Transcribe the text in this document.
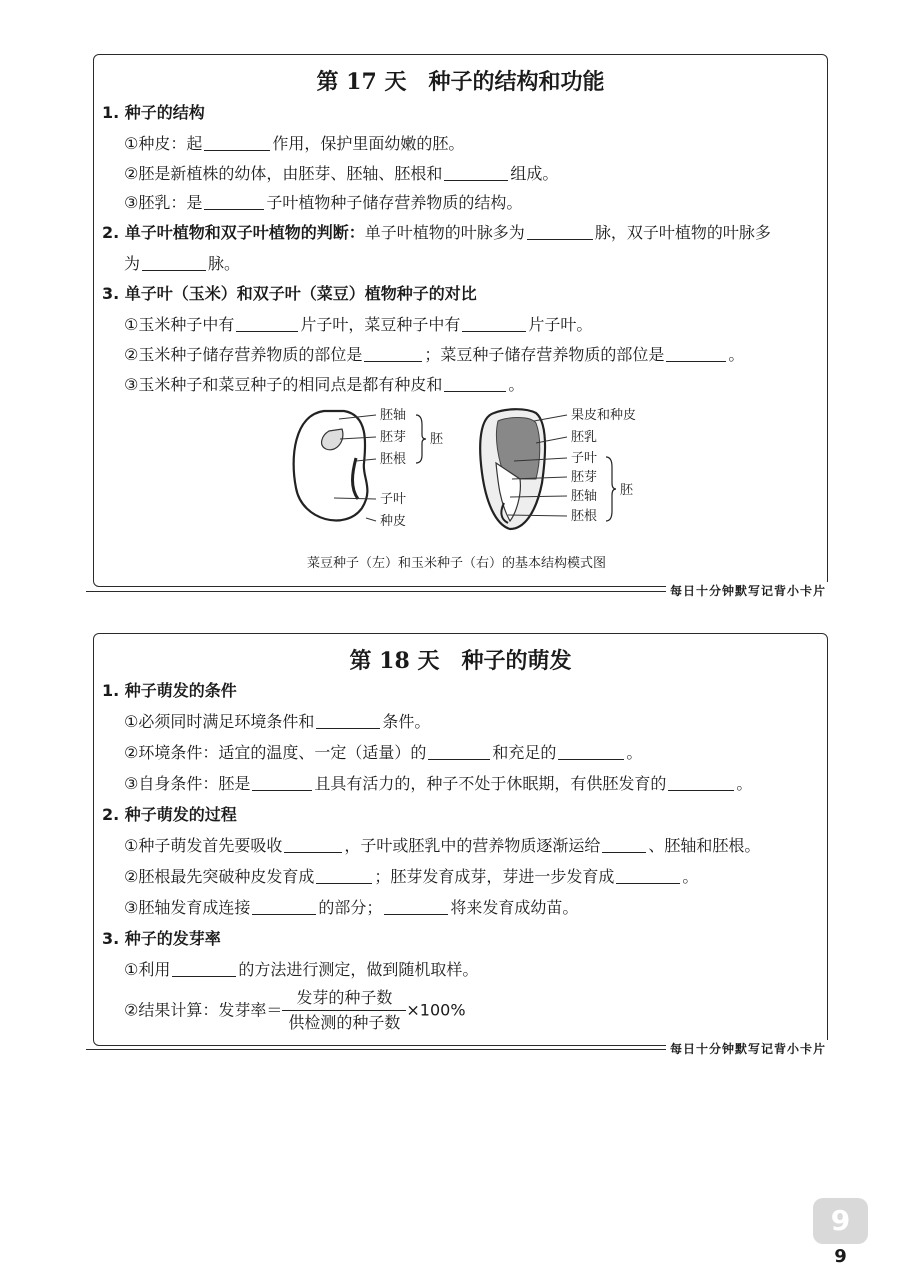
第 17 天 种子的结构和功能
1. 种子的结构
①种皮：起	作用，保护里面幼嫩的胚。
②胚是新植株的幼体，由胚芽、胚轴、胚根和	组成。
③胚乳：是	子叶植物种子储存营养物质的结构。
2. 单子叶植物和双子叶植物的判断：单子叶植物的叶脉多为	脉，双子叶植物的叶脉多
为	脉。
3. 单子叶（玉米）和双子叶（菜豆）植物种子的对比
①玉米种子中有	片子叶，菜豆种子中有	片子叶。
②玉米种子储存营养物质的部位是	；菜豆种子储存营养物质的部位是	。
③玉米种子和菜豆种子的相同点是都有种皮和	。
胚轴
胚芽
胚根
子叶
种皮
胚
果皮和种皮
胚乳
子叶
胚芽
胚轴
胚根
胚
菜豆种子（左）和玉米种子（右）的基本结构模式图
每日十分钟默写记背小卡片
第 18 天 种子的萌发
1. 种子萌发的条件
①必须同时满足环境条件和	条件。
②环境条件：适宜的温度、一定（适量）的	和充足的	。
③自身条件：胚是	且具有活力的，种子不处于休眠期，有供胚发育的	。
2. 种子萌发的过程
①种子萌发首先要吸收	，子叶或胚乳中的营养物质逐渐运给	、胚轴和胚根。
②胚根最先突破种皮发育成	；胚芽发育成芽，芽进一步发育成	。
③胚轴发育成连接	的部分；	将来发育成幼苗。
3. 种子的发芽率
①利用	的方法进行测定，做到随机取样。
②结果计算：发芽率＝ $\frac{\text{发芽的种子数}}{\text{供检测的种子数}} \times 100\%$
每日十分钟默写记背小卡片
9
9
